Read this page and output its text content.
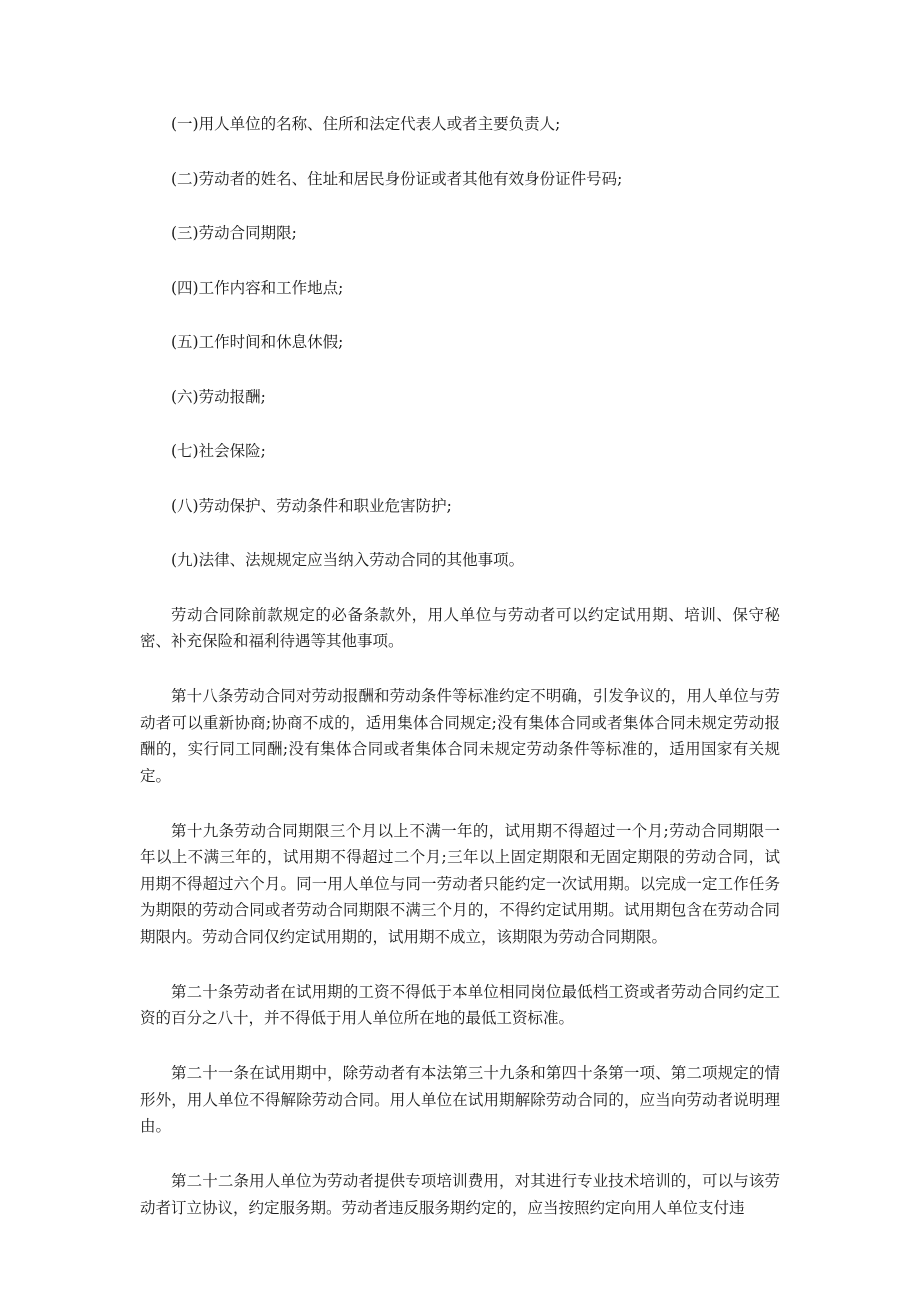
(一)用人单位的名称、住所和法定代表人或者主要负责人;
(二)劳动者的姓名、住址和居民身份证或者其他有效身份证件号码;
(三)劳动合同期限;
(四)工作内容和工作地点;
(五)工作时间和休息休假;
(六)劳动报酬;
(七)社会保险;
(八)劳动保护、劳动条件和职业危害防护;
(九)法律、法规规定应当纳入劳动合同的其他事项。

劳动合同除前款规定的必备条款外，用人单位与劳动者可以约定试用期、培训、保守秘密、补充保险和福利待遇等其他事项。

第十八条劳动合同对劳动报酬和劳动条件等标准约定不明确，引发争议的，用人单位与劳动者可以重新协商;协商不成的，适用集体合同规定;没有集体合同或者集体合同未规定劳动报酬的，实行同工同酬;没有集体合同或者集体合同未规定劳动条件等标准的，适用国家有关规定。

第十九条劳动合同期限三个月以上不满一年的，试用期不得超过一个月;劳动合同期限一年以上不满三年的，试用期不得超过二个月;三年以上固定期限和无固定期限的劳动合同，试用期不得超过六个月。同一用人单位与同一劳动者只能约定一次试用期。以完成一定工作任务为期限的劳动合同或者劳动合同期限不满三个月的，不得约定试用期。试用期包含在劳动合同期限内。劳动合同仅约定试用期的，试用期不成立，该期限为劳动合同期限。

第二十条劳动者在试用期的工资不得低于本单位相同岗位最低档工资或者劳动合同约定工资的百分之八十，并不得低于用人单位所在地的最低工资标准。

第二十一条在试用期中，除劳动者有本法第三十九条和第四十条第一项、第二项规定的情形外，用人单位不得解除劳动合同。用人单位在试用期解除劳动合同的，应当向劳动者说明理由。

第二十二条用人单位为劳动者提供专项培训费用，对其进行专业技术培训的，可以与该劳动者订立协议，约定服务期。劳动者违反服务期约定的，应当按照约定向用人单位支付违
